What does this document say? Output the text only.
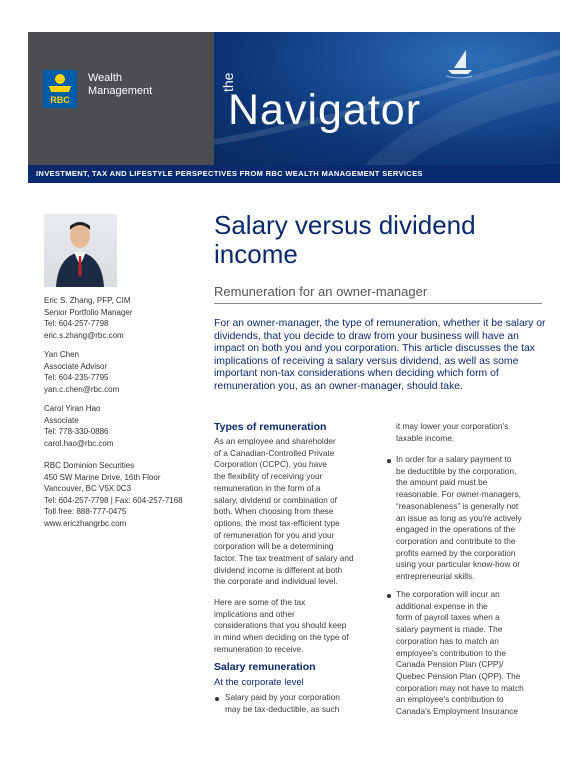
RBC
Wealth
Management	the
Navigator
INVESTMENT, TAX AND LIFESTYLE PERSPECTIVES FROM RBC WEALTH MANAGEMENT SERVICES
Eric S. Zhang, PFP, CIM
Senior Portfolio Manager
Tel: 604-257-7798
eric.s.zhang@rbc.com
Yan Chen
Associate Advisor
Tel: 604-235-7795
yan.c.chen@rbc.com
Carol Yiran Hao
Associate
Tel: 778-330-0886
carol.hao@rbc.com
RBC Dominion Securities
450 SW Marine Drive, 16th Floor
Vancouver, BC V5X 0C3
Tel: 604-257-7798 | Fax: 604-257-7168
Toll free: 888-777-0475
www.ericzhangrbc.com
Salary versus dividend
income
Remuneration for an owner-manager
For an owner-manager, the type of remuneration, whether it be salary or dividends, that you decide to draw from your business will have an impact on both you and you corporation. This article discusses the tax implications of receiving a salary versus dividend, as well as some important non-tax considerations when deciding which form of remuneration you, as an owner-manager, should take.
Types of remuneration
As an employee and shareholder
of a Canadian-Controlled Private
Corporation (CCPC), you have
the flexibility of receiving your
remuneration in the form of a
salary, dividend or combination of
both. When choosing from these
options, the most tax-efficient type
of remuneration for you and your
corporation will be a determining
factor. The tax treatment of salary and
dividend income is different at both
the corporate and individual level.
Here are some of the tax
implications and other
considerations that you should keep
in mind when deciding on the type of
remuneration to receive.
Salary remuneration
At the corporate level
Salary paid by your corporation
may be tax-deductible, as such
it may lower your corporation's
taxable income.
In order for a salary payment to
be deductible by the corporation,
the amount paid must be
reasonable. For owner-managers,
“reasonableness” is generally not
an issue as long as you're actively
engaged in the operations of the
corporation and contribute to the
profits earned by the corporation
using your particular know-how or
entrepreneurial skills.
The corporation will incur an
additional expense in the
form of payroll taxes when a
salary payment is made. The
corporation has to match an
employee's contribution to the
Canada Pension Plan (CPP)/
Quebec Pension Plan (QPP). The
corporation may not have to match
an employee's contribution to
Canada's Employment Insurance
